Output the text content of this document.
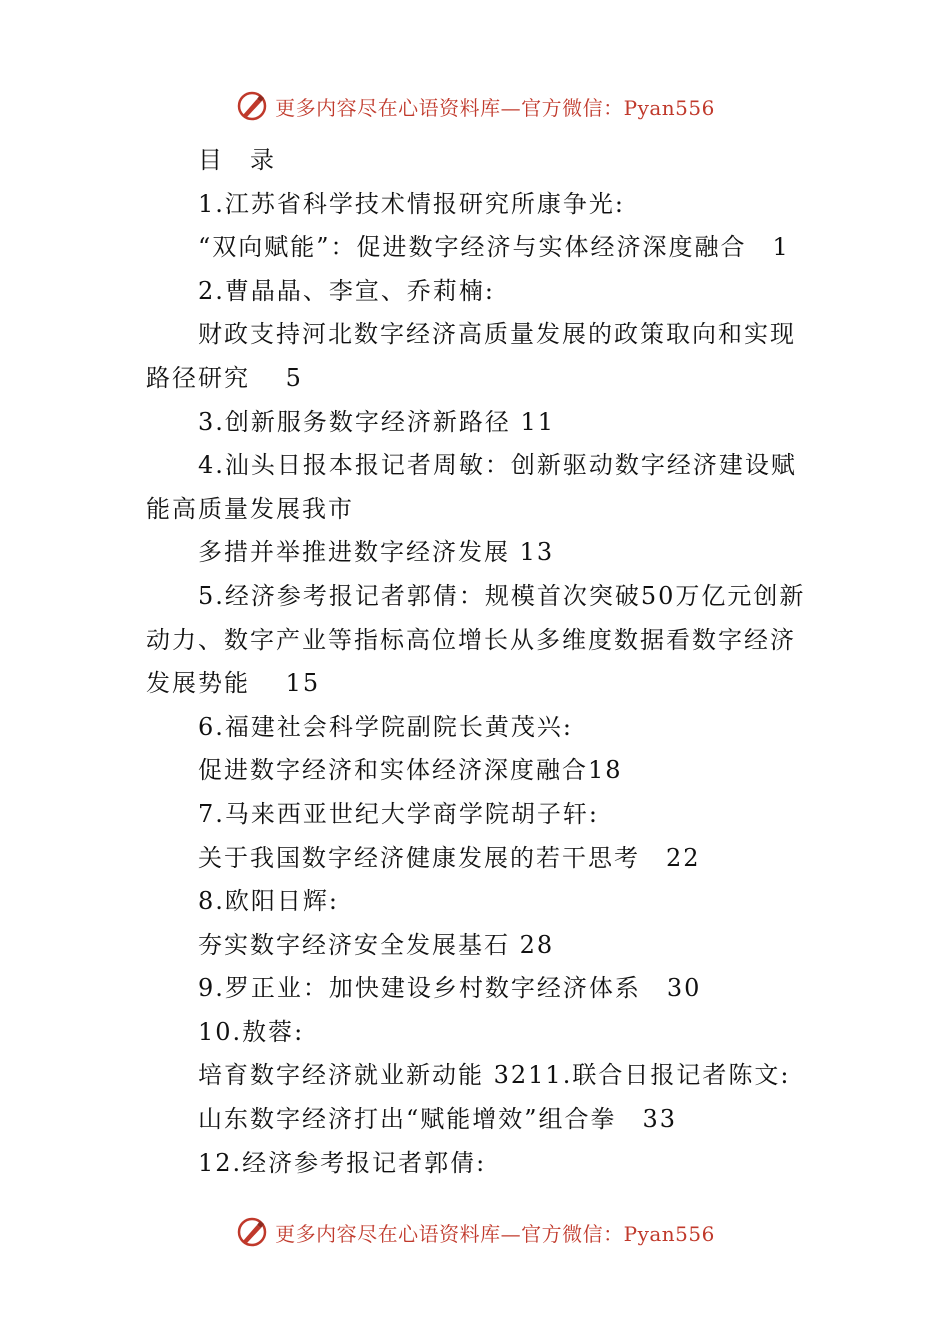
更多内容尽在心语资料库—官方微信：Pyan556
目　录
1.江苏省科学技术情报研究所康争光:
“双向赋能”：促进数字经济与实体经济深度融合　1
2.曹晶晶、李宣、乔莉楠:
财政支持河北数字经济高质量发展的政策取向和实现
路径研究　 5
3.创新服务数字经济新路径 11
4.汕头日报本报记者周敏：创新驱动数字经济建设赋
能高质量发展我市
多措并举推进数字经济发展 13
5.经济参考报记者郭倩：规模首次突破50万亿元创新
动力、数字产业等指标高位增长从多维度数据看数字经济
发展势能　 15
6.福建社会科学院副院长黄茂兴:
促进数字经济和实体经济深度融合18
7.马来西亚世纪大学商学院胡子轩:
关于我国数字经济健康发展的若干思考　22
8.欧阳日辉:
夯实数字经济安全发展基石 28
9.罗正业：加快建设乡村数字经济体系　30
10.敖蓉:
培育数字经济就业新动能 3211.联合日报记者陈文:
山东数字经济打出“赋能增效”组合拳　33
12.经济参考报记者郭倩:
更多内容尽在心语资料库—官方微信：Pyan556
